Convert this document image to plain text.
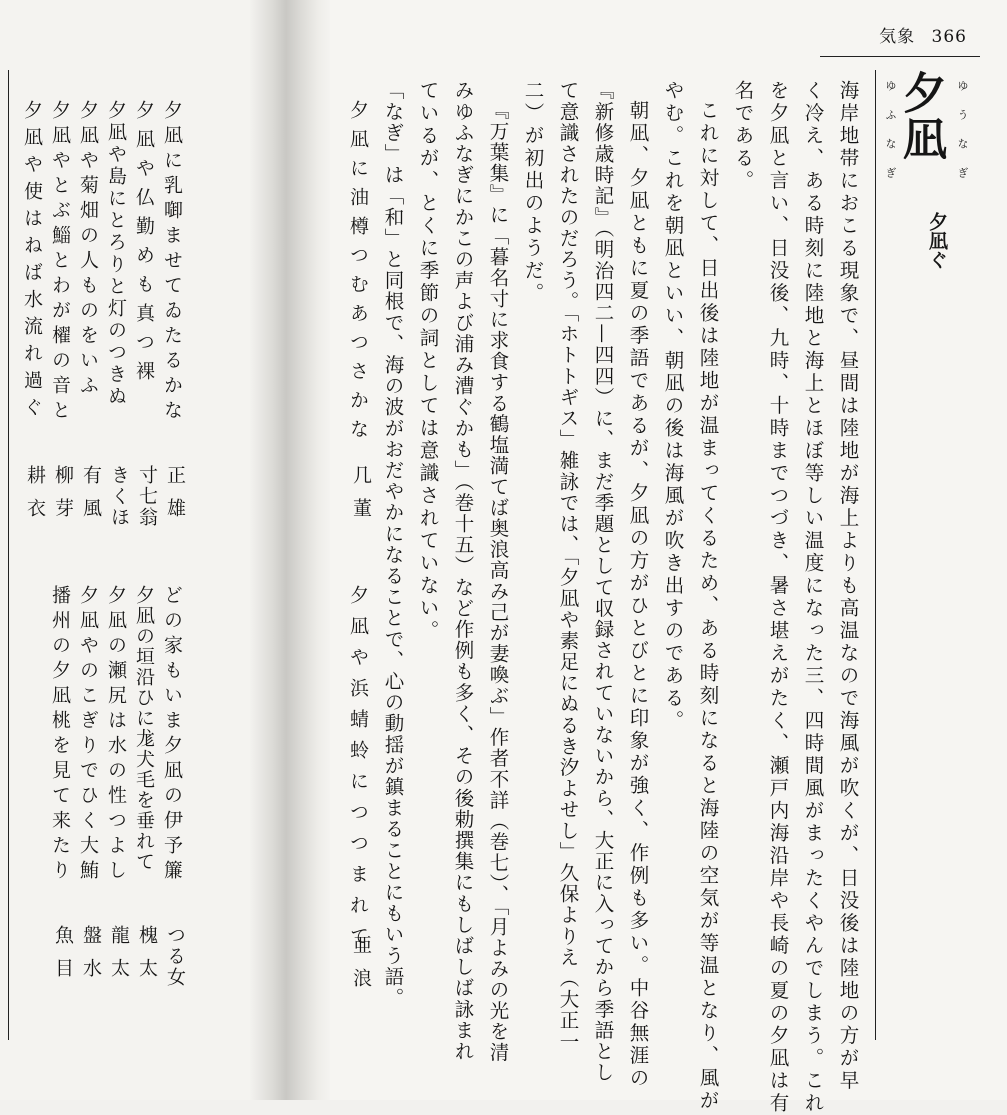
気象 366
夕凪 ゆうなぎ
ゆふなぎ
夕凪ぐ
海岸地帯におこる現象で、昼間は陸地が海上よりも高温なので海風が吹くが、日没後は陸地の方が早
く冷え、ある時刻に陸地と海上とほぼ等しい温度になった三、四時間風がまったくやんでしまう。これ
を夕凪と言い、日没後、九時、十時までつづき、暑さ堪えがたく、瀬戸内海沿岸や長崎の夏の夕凪は有
名である。
これに対して、日出後は陸地が温まってくるため、ある時刻になると海陸の空気が等温となり、風が
やむ。これを朝凪といい、朝凪の後は海風が吹き出すのである。
朝凪、夕凪ともに夏の季語であるが、夕凪の方がひとびとに印象が強く、作例も多い。中谷無涯の
『新修歳時記』（明治四二—四四）に、まだ季題として収録されていないから、大正に入ってから季語とし
て意識されたのだろう。「ホトトギス」雑詠では、「夕凪や素足にぬるき汐よせし」久保よりえ（大正一
二）が初出のようだ。
『万葉集』に「暮名寸に求食する鶴塩満てば奥浪高み己が妻喚ぶ」作者不詳（巻七）、「月よみの光を清
みゆふなぎにかこの声よび浦み漕ぐかも」（巻十五）など作例も多く、その後勅撰集にもしばしば詠まれ
ているが、とくに季節の詞としては意識されていない。
「なぎ」は「和」と同根で、海の波がおだやかになることで、心の動揺が鎮まることにもいう語。
夕凪に油樽つむあつさかな
几董
夕凪や浜蜻蛉につつまれて
亜浪
夕凪に乳啣ませてゐたるかな
正雄
夕凪や仏勤めも真つ裸
寸七翁
夕凪や島にとろりと灯のつきぬ
きくほ
夕凪や菊畑の人ものをいふ
有風
夕凪やとぶ鯔とわが櫂の音と
柳芽
夕凪や使はねば水流れ過ぐ
耕衣
どの家もいま夕凪の伊予簾
つる女
夕凪の垣沿ひに尨犬毛を垂れて
槐太
夕凪の瀬尻は水の性つよし
龍太
夕凪やのこぎりでひく大鮪
盤水
播州の夕凪桃を見て来たり
魚目
